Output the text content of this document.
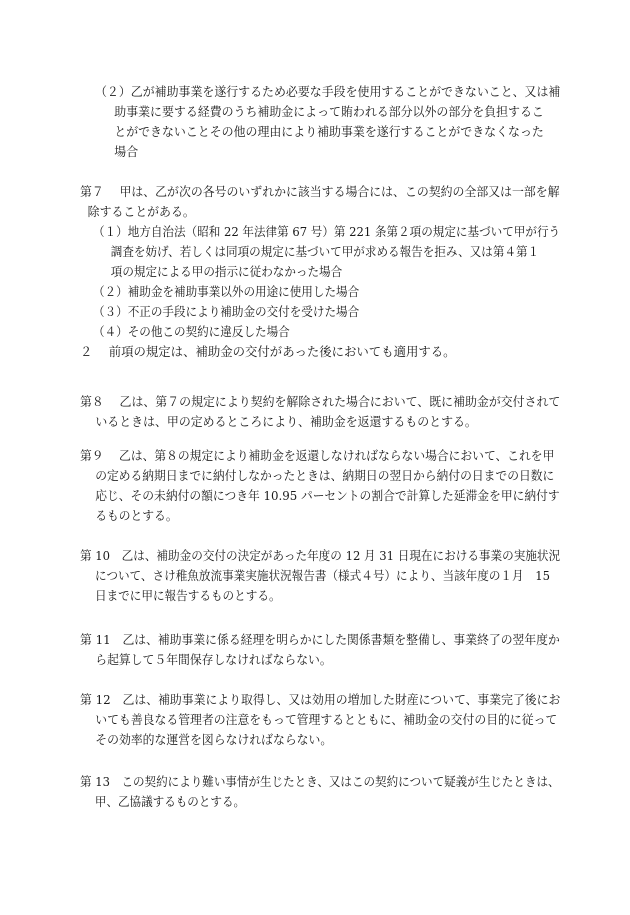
（２）乙が補助事業を遂行するため必要な手段を使用することができないこと、又は補
助事業に要する経費のうち補助金によって賄われる部分以外の部分を負担するこ
とができないことその他の理由により補助事業を遂行することができなくなった
場合
第７　 甲は、乙が次の各号のいずれかに該当する場合には、この契約の全部又は一部を解
除することがある。
（１）地方自治法（昭和 22 年法律第 67 号）第 221 条第２項の規定に基づいて甲が行う
調査を妨げ、若しくは同項の規定に基づいて甲が求める報告を拒み、又は第４第１
項の規定による甲の指示に従わなかった場合
（２）補助金を補助事業以外の用途に使用した場合
（３）不正の手段により補助金の交付を受けた場合
（４）その他この契約に違反した場合
２　 前項の規定は、補助金の交付があった後においても適用する。
第８　 乙は、第７の規定により契約を解除された場合において、既に補助金が交付されて
いるときは、甲の定めるところにより、補助金を返還するものとする。
第９　 乙は、第８の規定により補助金を返還しなければならない場合において、これを甲
の定める納期日までに納付しなかったときは、納期日の翌日から納付の日までの日数に
応じ、その未納付の額につき年 10.95 パーセントの割合で計算した延滞金を甲に納付す
るものとする。
第 10　乙は、補助金の交付の決定があった年度の 12 月 31 日現在における事業の実施状況
について、さけ稚魚放流事業実施状況報告書（様式４号）により、当該年度の１月　15
日までに甲に報告するものとする。
第 11　乙は、補助事業に係る経理を明らかにした関係書類を整備し、事業終了の翌年度か
ら起算して５年間保存しなければならない。
第 12　乙は、補助事業により取得し、又は効用の増加した財産について、事業完了後にお
いても善良なる管理者の注意をもって管理するとともに、補助金の交付の目的に従って
その効率的な運営を図らなければならない。
第 13　この契約により難い事情が生じたとき、又はこの契約について疑義が生じたときは、
甲、乙協議するものとする。
